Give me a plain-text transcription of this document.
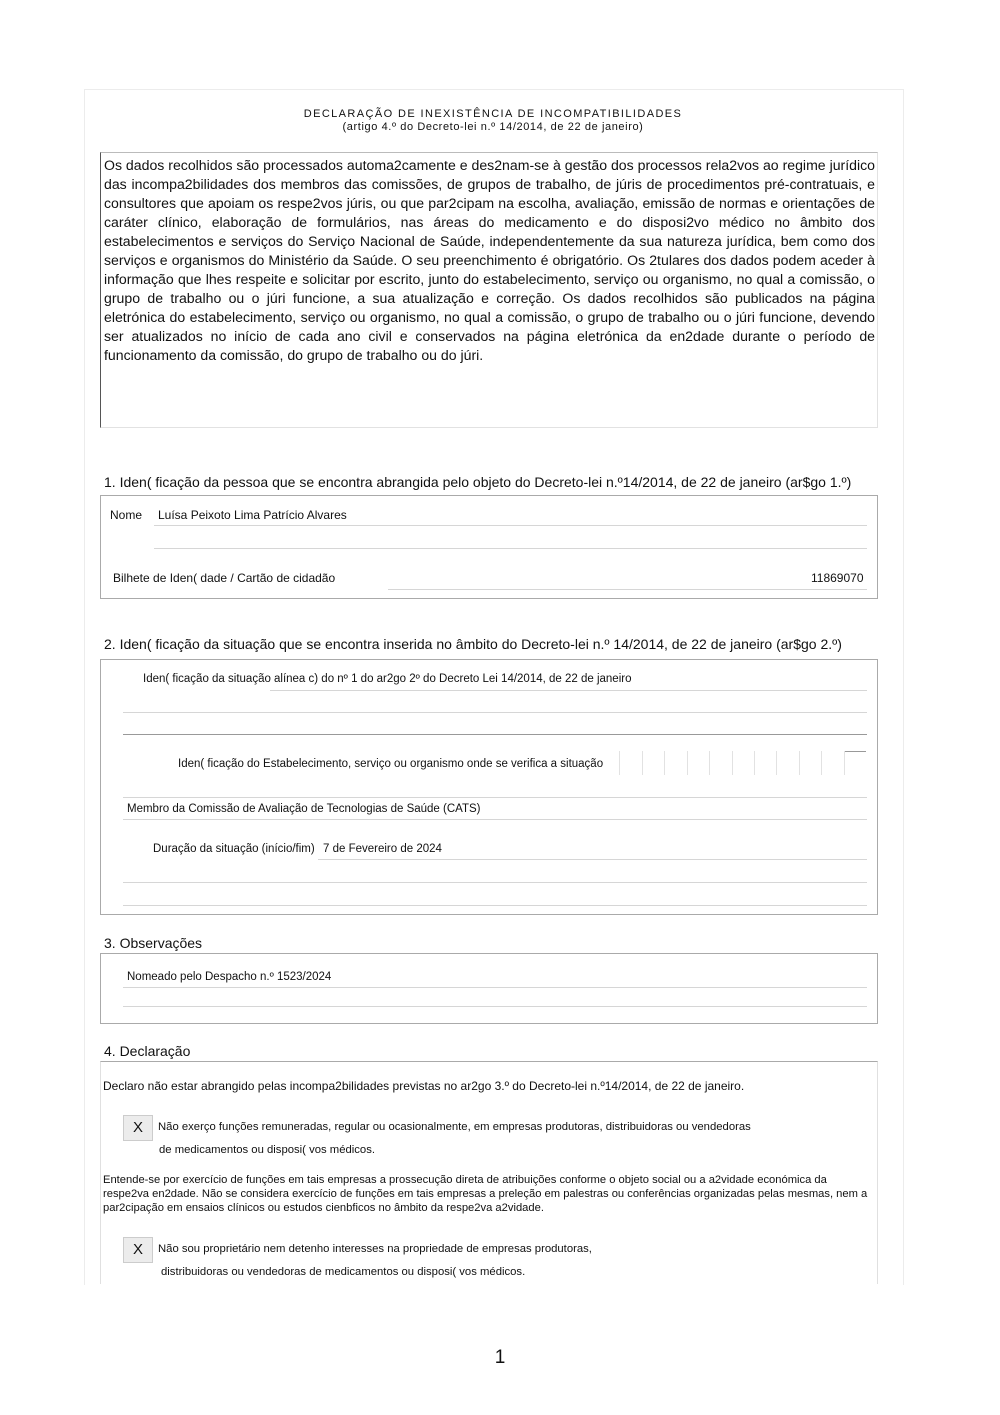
DECLARAÇÃO DE INEXISTÊNCIA DE INCOMPATIBILIDADES
(artigo 4.º do Decreto-lei n.º 14/2014, de 22 de janeiro)

Os dados recolhidos são processados automa2camente e des2nam-se à gestão dos processos rela2vos ao regime jurídico das incompa2bilidades dos membros das comissões, de grupos de trabalho, de júris de procedimentos pré-contratuais, e consultores que apoiam os respe2vos júris, ou que par2cipam na escolha, avaliação, emissão de normas e orientações de caráter clínico, elaboração de formulários, nas áreas do medicamento e do disposi2vo médico no âmbito dos estabelecimentos e serviços do Serviço Nacional de Saúde, independentemente da sua natureza jurídica, bem como dos serviços e organismos do Ministério da Saúde. O seu preenchimento é obrigatório. Os 2tulares dos dados podem aceder à informação que lhes respeite e solicitar por escrito, junto do estabelecimento, serviço ou organismo, no qual a comissão, o grupo de trabalho ou o júri funcione, a sua atualização e correção. Os dados recolhidos são publicados na página eletrónica do estabelecimento, serviço ou organismo, no qual a comissão, o grupo de trabalho ou o júri funcione, devendo ser atualizados no início de cada ano civil e conservados na página eletrónica da en2dade durante o período de funcionamento da comissão, do grupo de trabalho ou do júri.

1. Iden( ficação da pessoa que se encontra abrangida pelo objeto do Decreto-lei n.º14/2014, de 22 de janeiro (ar$go 1.º)
Nome Luísa Peixoto Lima Patrício Alvares
Bilhete de Iden( dade / Cartão de cidadão	11869070
2. Iden( ficação da situação que se encontra inserida no âmbito do Decreto-lei n.º 14/2014, de 22 de janeiro (ar$go 2.º)
Iden( ficação da situação alínea c) do nº 1 do ar2go 2º do Decreto Lei 14/2014, de 22 de janeiro
Iden( ficação do Estabelecimento, serviço ou organismo onde se verifica a situação
Membro da Comissão de Avaliação de Tecnologias de Saúde (CATS)
Duração da situação (início/fim) 7 de Fevereiro de 2024
3. Observações
Nomeado pelo Despacho n.º 1523/2024
4. Declaração
Declaro não estar abrangido pelas incompa2bilidades previstas no ar2go 3.º do Decreto-lei n.º14/2014, de 22 de janeiro.
X	Não exerço funções remuneradas, regular ou ocasionalmente, em empresas produtoras, distribuidoras ou vendedoras
de medicamentos ou disposi( vos médicos.
Entende-se por exercício de funções em tais empresas a prossecução direta de atribuições conforme o objeto social ou a a2vidade económica da
respe2va en2dade. Não se considera exercício de funções em tais empresas a preleção em palestras ou conferências organizadas pelas mesmas, nem a
par2cipação em ensaios clínicos ou estudos cienbficos no âmbito da respe2va a2vidade.
X	Não sou proprietário nem detenho interesses na propriedade de empresas produtoras,
distribuidoras ou vendedoras de medicamentos ou disposi( vos médicos.
1
